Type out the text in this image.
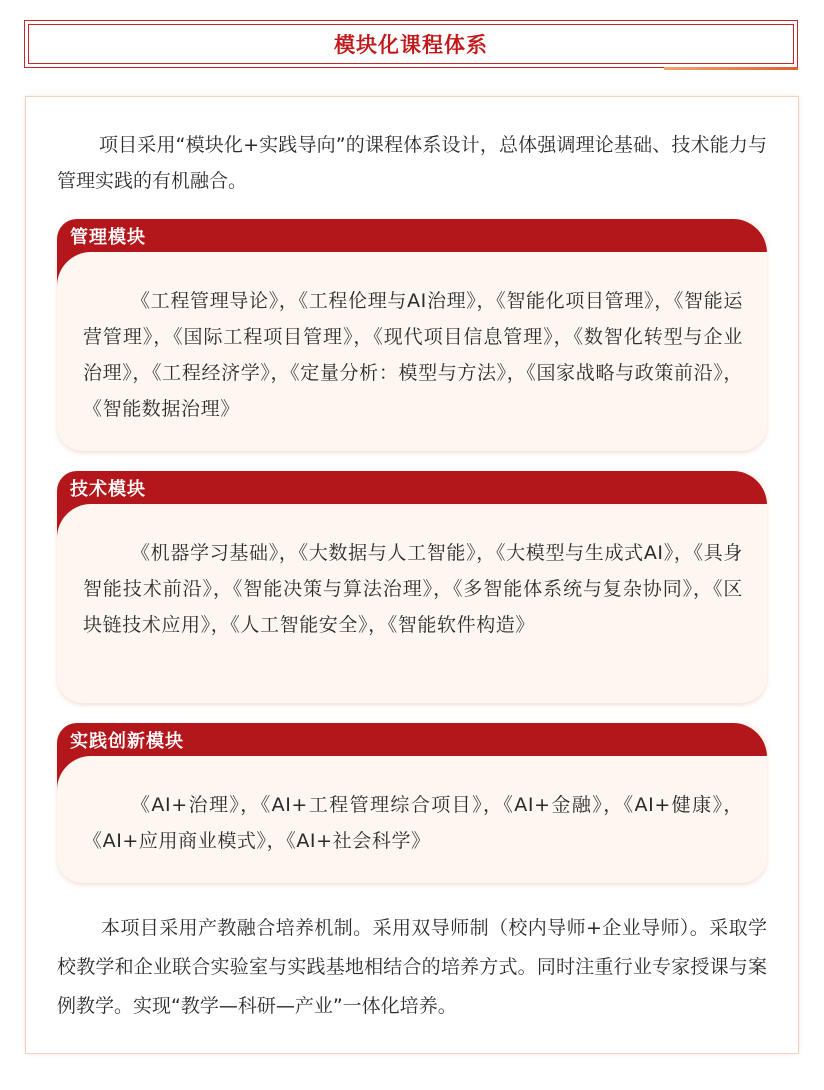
模块化课程体系

项目采用“模块化+实践导向”的课程体系设计，总体强调理论基础、技术能力与管理实践的有机融合。

管理模块

《工程管理导论》，《工程伦理与AI治理》，《智能化项目管理》，《智能运营管理》，《国际工程项目管理》，《现代项目信息管理》，《数智化转型与企业治理》，《工程经济学》，《定量分析：模型与方法》，《国家战略与政策前沿》，《智能数据治理》

技术模块

《机器学习基础》，《大数据与人工智能》，《大模型与生成式AI》，《具身智能技术前沿》，《智能决策与算法治理》，《多智能体系统与复杂协同》，《区块链技术应用》，《人工智能安全》，《智能软件构造》

实践创新模块

《AI+治理》，《AI+工程管理综合项目》，《AI+金融》，《AI+健康》，《AI+应用商业模式》，《AI+社会科学》

本项目采用产教融合培养机制。采用双导师制（校内导师+企业导师）。采取学校教学和企业联合实验室与实践基地相结合的培养方式。同时注重行业专家授课与案例教学。实现“教学—科研—产业”一体化培养。
